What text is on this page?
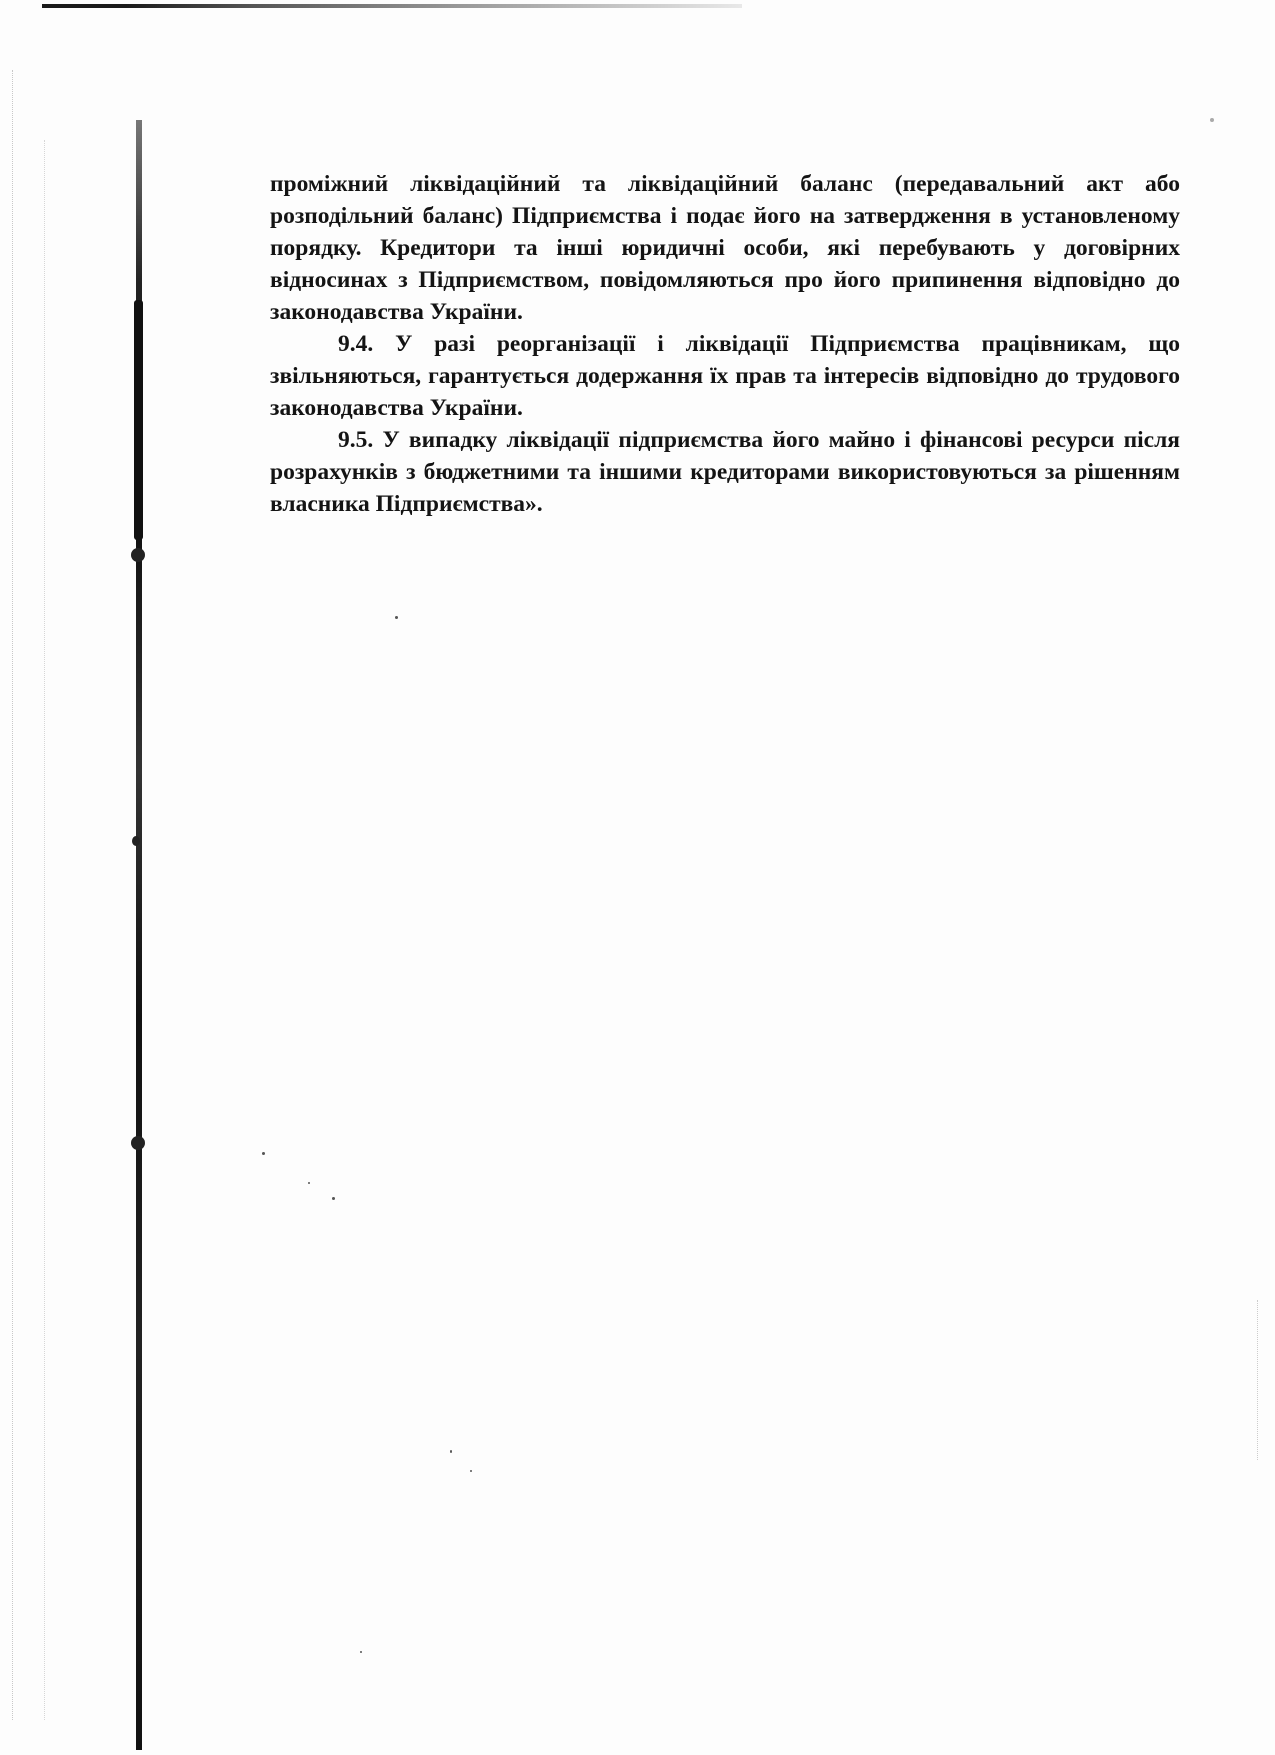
проміжний ліквідаційний та ліквідаційний баланс (передавальний акт або розподільний баланс) Підприємства і подає його на затвердження в установленому порядку. Кредитори та інші юридичні особи, які перебувають у договірних відносинах з Підприємством, повідомляються про його припинення відповідно до законодавства України.

9.4. У разі реорганізації і ліквідації Підприємства працівникам, що звільняються, гарантується додержання їх прав та інтересів відповідно до трудового законодавства України.

9.5. У випадку ліквідації підприємства його майно і фінансові ресурси після розрахунків з бюджетними та іншими кредиторами використовуються за рішенням власника Підприємства».
